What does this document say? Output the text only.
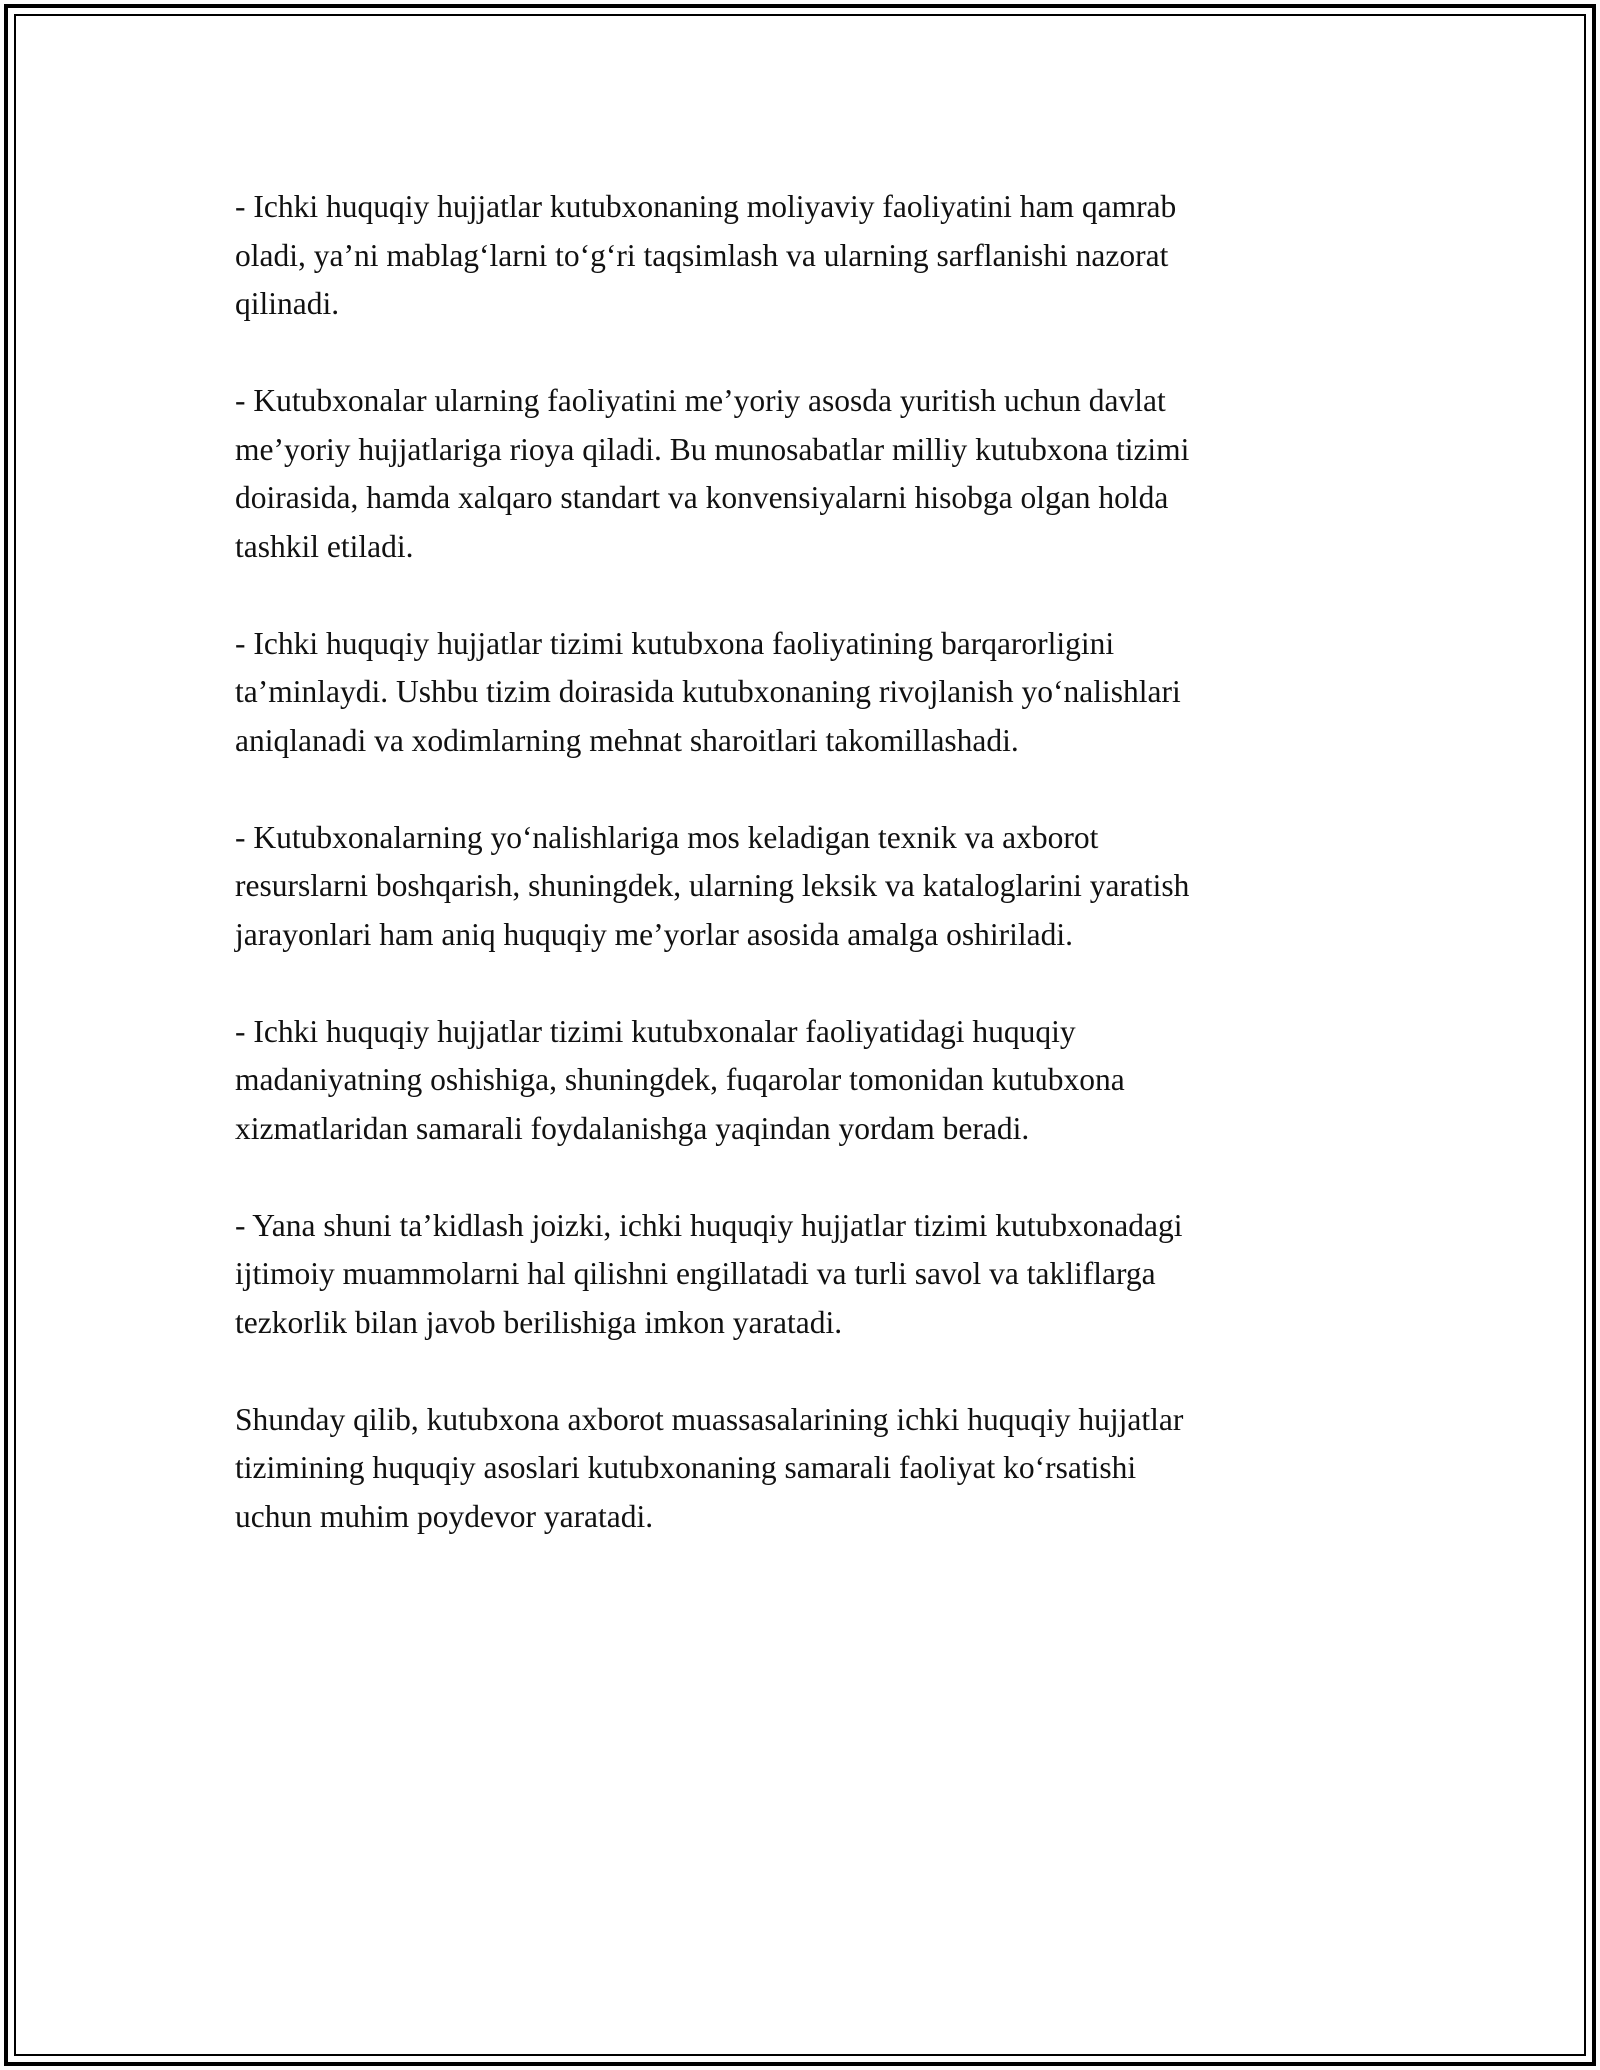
- Ichki huquqiy hujjatlar kutubxonaning moliyaviy faoliyatini ham qamrab
oladi, ya’ni mablag‘larni to‘g‘ri taqsimlash va ularning sarflanishi nazorat
qilinadi.

- Kutubxonalar ularning faoliyatini me’yoriy asosda yuritish uchun davlat
me’yoriy hujjatlariga rioya qiladi. Bu munosabatlar milliy kutubxona tizimi
doirasida, hamda xalqaro standart va konvensiyalarni hisobga olgan holda
tashkil etiladi.

- Ichki huquqiy hujjatlar tizimi kutubxona faoliyatining barqarorligini
ta’minlaydi. Ushbu tizim doirasida kutubxonaning rivojlanish yo‘nalishlari
aniqlanadi va xodimlarning mehnat sharoitlari takomillashadi.

- Kutubxonalarning yo‘nalishlariga mos keladigan texnik va axborot
resurslarni boshqarish, shuningdek, ularning leksik va kataloglarini yaratish
jarayonlari ham aniq huquqiy me’yorlar asosida amalga oshiriladi.

- Ichki huquqiy hujjatlar tizimi kutubxonalar faoliyatidagi huquqiy
madaniyatning oshishiga, shuningdek, fuqarolar tomonidan kutubxona
xizmatlaridan samarali foydalanishga yaqindan yordam beradi.

- Yana shuni ta’kidlash joizki, ichki huquqiy hujjatlar tizimi kutubxonadagi
ijtimoiy muammolarni hal qilishni engillatadi va turli savol va takliflarga
tezkorlik bilan javob berilishiga imkon yaratadi.

Shunday qilib, kutubxona axborot muassasalarining ichki huquqiy hujjatlar
tizimining huquqiy asoslari kutubxonaning samarali faoliyat ko‘rsatishi
uchun muhim poydevor yaratadi.
